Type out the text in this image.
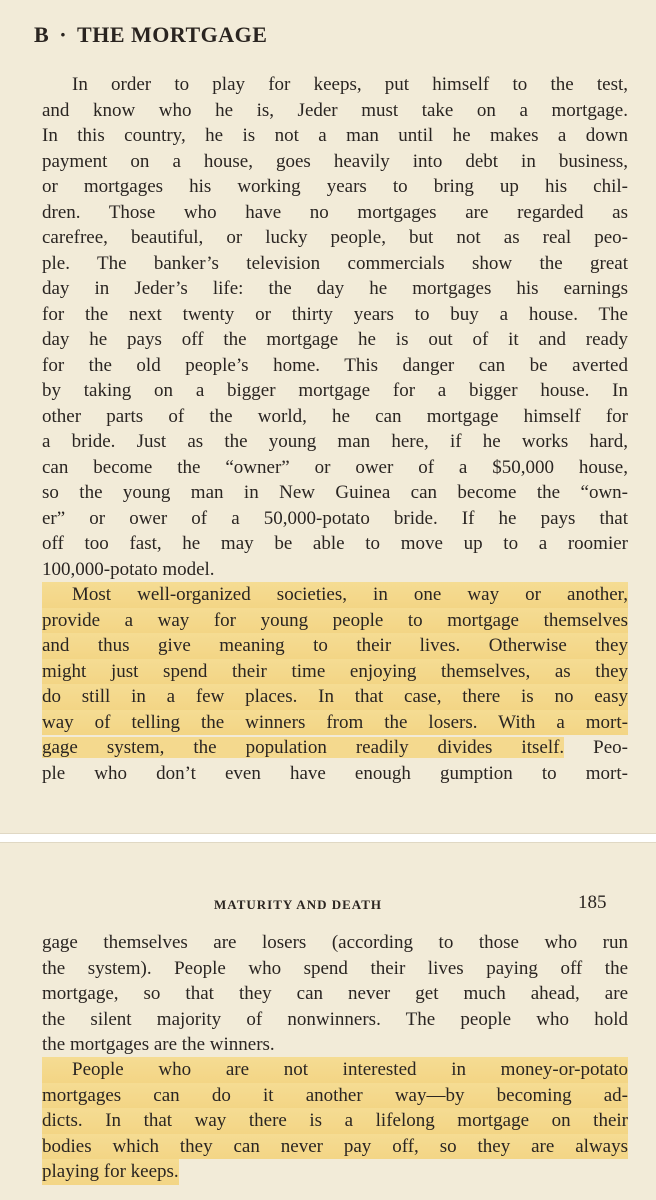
B · THE MORTGAGE
In order to play for keeps, put himself to the test,
and know who he is, Jeder must take on a mortgage.
In this country, he is not a man until he makes a down
payment on a house, goes heavily into debt in business,
or mortgages his working years to bring up his chil-
dren. Those who have no mortgages are regarded as
carefree, beautiful, or lucky people, but not as real peo-
ple. The banker’s television commercials show the great
day in Jeder’s life: the day he mortgages his earnings
for the next twenty or thirty years to buy a house. The
day he pays off the mortgage he is out of it and ready
for the old people’s home. This danger can be averted
by taking on a bigger mortgage for a bigger house. In
other parts of the world, he can mortgage himself for
a bride. Just as the young man here, if he works hard,
can become the “owner” or ower of a $50,000 house,
so the young man in New Guinea can become the “own-
er” or ower of a 50,000-potato bride. If he pays that
off too fast, he may be able to move up to a roomier
100,000-potato model.
Most well-organized societies, in one way or another,
provide a way for young people to mortgage themselves
and thus give meaning to their lives. Otherwise they
might just spend their time enjoying themselves, as they
do still in a few places. In that case, there is no easy
way of telling the winners from the losers. With a mort-
gage system, the population readily divides itself. Peo-
ple who don’t even have enough gumption to mort-
MATURITY AND DEATH	185
gage themselves are losers (according to those who run
the system). People who spend their lives paying off the
mortgage, so that they can never get much ahead, are
the silent majority of nonwinners. The people who hold
the mortgages are the winners.
People who are not interested in money-or-potato
mortgages can do it another way—by becoming ad-
dicts. In that way there is a lifelong mortgage on their
bodies which they can never pay off, so they are always
playing for keeps.
